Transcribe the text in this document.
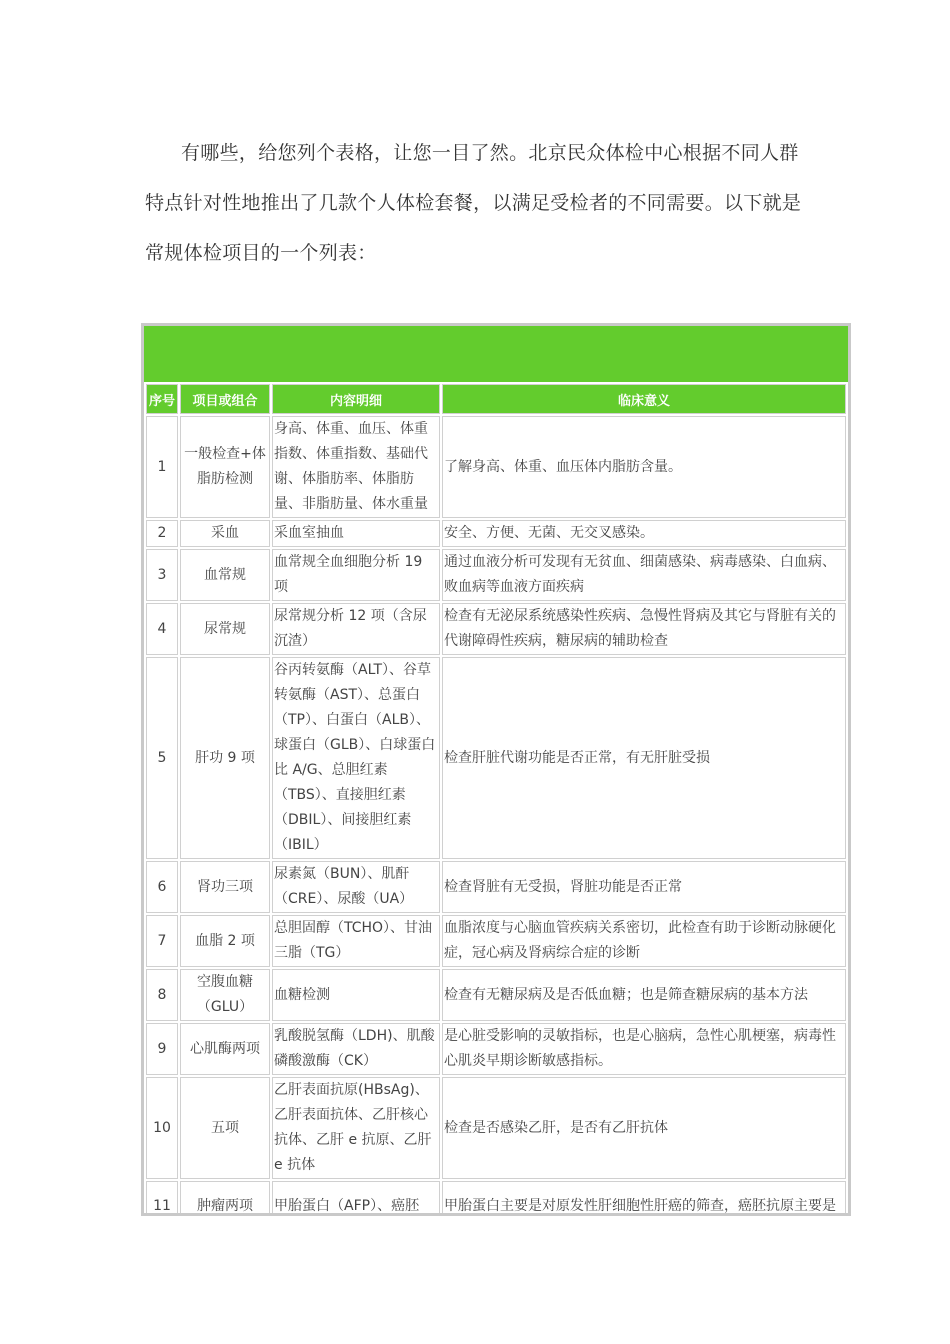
有哪些，给您列个表格，让您一目了然。北京民众体检中心根据不同人群

特点针对性地推出了几款个人体检套餐，以满足受检者的不同需要。以下就是

常规体检项目的一个列表：

序号	项目或组合	内容明细	临床意义
1	一般检查+体脂肪检测	身高、体重、血压、体重指数、体重指数、基础代谢、体脂肪率、体脂肪量、非脂肪量、体水重量	了解身高、体重、血压体内脂肪含量。
2	采血	采血室抽血	安全、方便、无菌、无交叉感染。
3	血常规	血常规全血细胞分析 19 项	通过血液分析可发现有无贫血、细菌感染、病毒感染、白血病、败血病等血液方面疾病
4	尿常规	尿常规分析 12 项（含尿沉渣）	检查有无泌尿系统感染性疾病、急慢性肾病及其它与肾脏有关的代谢障碍性疾病，糖尿病的辅助检查
5	肝功 9 项	谷丙转氨酶（ALT）、谷草转氨酶（AST）、总蛋白（TP）、白蛋白（ALB）、球蛋白（GLB）、白球蛋白比 A/G、总胆红素（TBS）、直接胆红素（DBIL）、间接胆红素（IBIL）	检查肝脏代谢功能是否正常，有无肝脏受损
6	肾功三项	尿素氮（BUN）、肌酐（CRE）、尿酸（UA）	检查肾脏有无受损，肾脏功能是否正常
7	血脂 2 项	总胆固醇（TCHO）、甘油三脂（TG）	血脂浓度与心脑血管疾病关系密切，此检查有助于诊断动脉硬化症，冠心病及肾病综合症的诊断
8	空腹血糖（GLU）	血糖检测	检查有无糖尿病及是否低血糖；也是筛查糖尿病的基本方法
9	心肌酶两项	乳酸脱氢酶（LDH)、肌酸磷酸激酶（CK）	是心脏受影响的灵敏指标，也是心脑病，急性心肌梗塞，病毒性心肌炎早期诊断敏感指标。
10	五项	乙肝表面抗原(HBsAg)、乙肝表面抗体、乙肝核心抗体、乙肝 e 抗原、乙肝 e 抗体	检查是否感染乙肝，是否有乙肝抗体
11	肿瘤两项	甲胎蛋白（AFP）、癌胚	甲胎蛋白主要是对原发性肝细胞性肝癌的筛查，癌胚抗原主要是
